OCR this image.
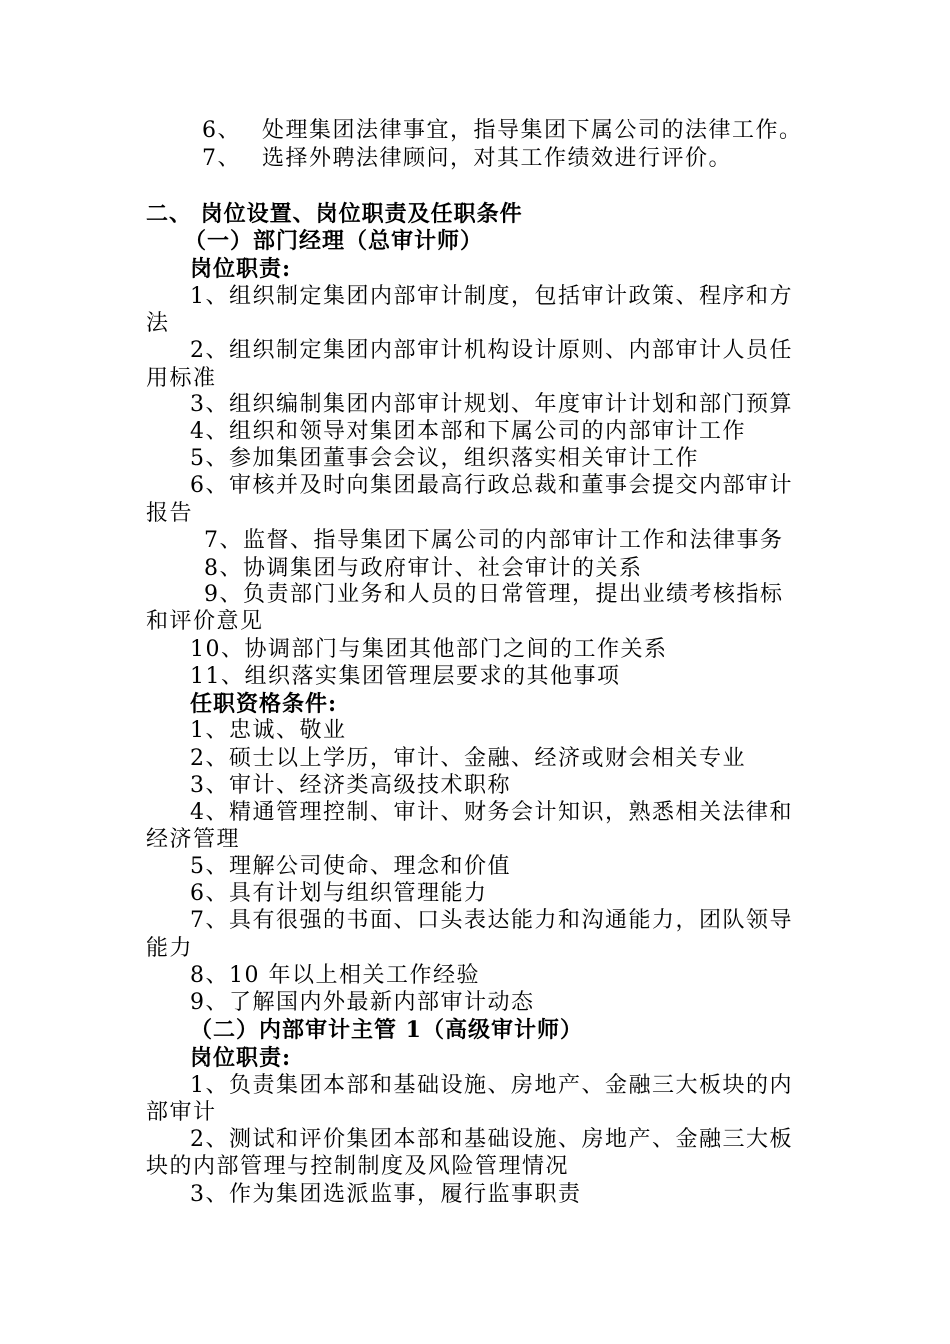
6、 处理集团法律事宜，指导集团下属公司的法律工作。
7、 选择外聘法律顾问，对其工作绩效进行评价。
二、 岗位设置、岗位职责及任职条件
（一）部门经理（总审计师）
岗位职责:
1、组织制定集团内部审计制度，包括审计政策、程序和方
法
2、组织制定集团内部审计机构设计原则、内部审计人员任
用标准
3、组织编制集团内部审计规划、年度审计计划和部门预算
4、组织和领导对集团本部和下属公司的内部审计工作
5、参加集团董事会会议，组织落实相关审计工作
6、审核并及时向集团最高行政总裁和董事会提交内部审计
报告
7、监督、指导集团下属公司的内部审计工作和法律事务
8、协调集团与政府审计、社会审计的关系
9、负责部门业务和人员的日常管理，提出业绩考核指标
和评价意见
10、协调部门与集团其他部门之间的工作关系
11、组织落实集团管理层要求的其他事项
任职资格条件:
1、忠诚、敬业
2、硕士以上学历，审计、金融、经济或财会相关专业
3、审计、经济类高级技术职称
4、精通管理控制、审计、财务会计知识，熟悉相关法律和
经济管理
5、理解公司使命、理念和价值
6、具有计划与组织管理能力
7、具有很强的书面、口头表达能力和沟通能力，团队领导
能力
8、10 年以上相关工作经验
9、了解国内外最新内部审计动态
（二）内部审计主管 1（高级审计师）
岗位职责:
1、负责集团本部和基础设施、房地产、金融三大板块的内
部审计
2、测试和评价集团本部和基础设施、房地产、金融三大板
块的内部管理与控制制度及风险管理情况
3、作为集团选派监事，履行监事职责
